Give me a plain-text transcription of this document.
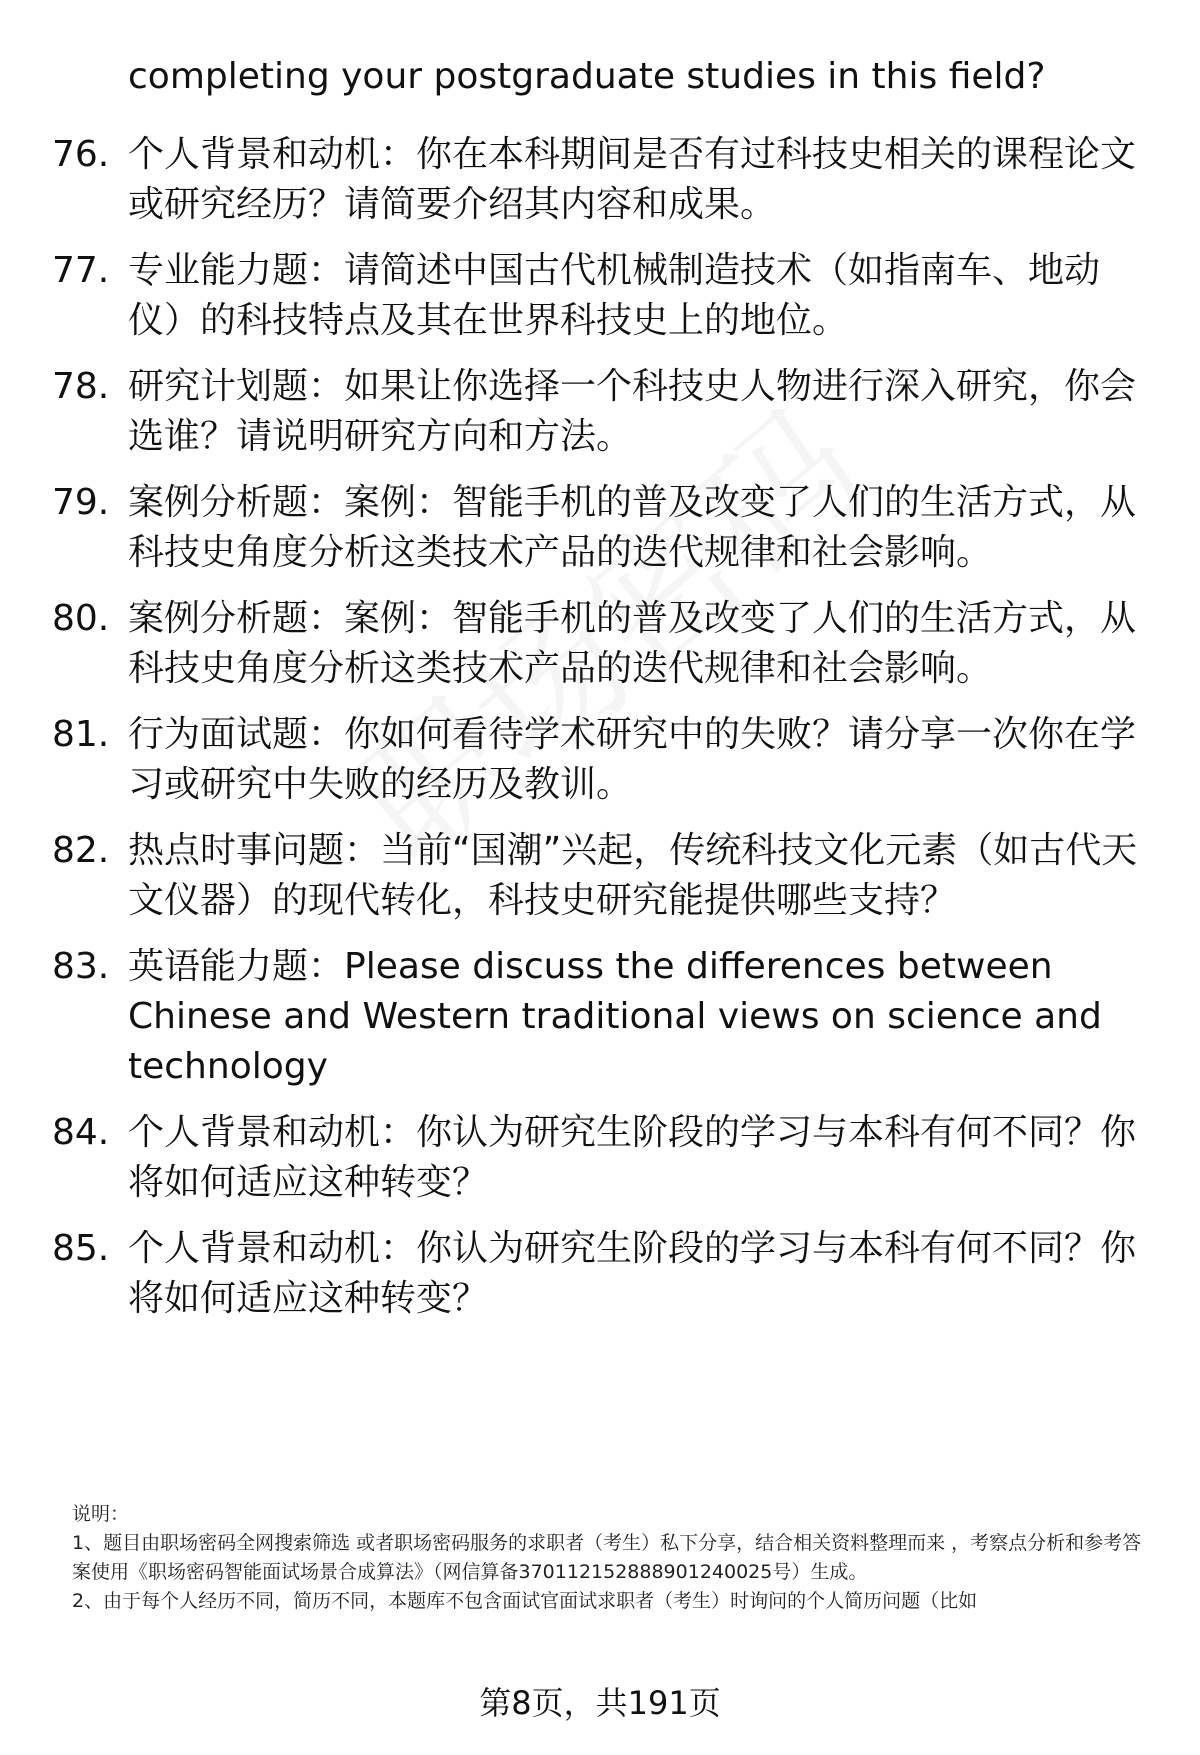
completing your postgraduate studies in this field?
76. 个人背景和动机：你在本科期间是否有过科技史相关的课程论文或研究经历？请简要介绍其内容和成果。
77. 专业能力题：请简述中国古代机械制造技术（如指南车、地动仪）的科技特点及其在世界科技史上的地位。
78. 研究计划题：如果让你选择一个科技史人物进行深入研究，你会选谁？请说明研究方向和方法。
79. 案例分析题：案例：智能手机的普及改变了人们的生活方式，从科技史角度分析这类技术产品的迭代规律和社会影响。
80. 案例分析题：案例：智能手机的普及改变了人们的生活方式，从科技史角度分析这类技术产品的迭代规律和社会影响。
81. 行为面试题：你如何看待学术研究中的失败？请分享一次你在学习或研究中失败的经历及教训。
82. 热点时事问题：当前“国潮”兴起，传统科技文化元素（如古代天文仪器）的现代转化，科技史研究能提供哪些支持？
83. 英语能力题：Please discuss the differences between Chinese and Western traditional views on science and technology
84. 个人背景和动机：你认为研究生阶段的学习与本科有何不同？你将如何适应这种转变？
85. 个人背景和动机：你认为研究生阶段的学习与本科有何不同？你将如何适应这种转变？
说明：
1、题目由职场密码全网搜索筛选 或者职场密码服务的求职者（考生）私下分享，结合相关资料整理而来 ，考察点分析和参考答案使用《职场密码智能面试场景合成算法》（网信算备370112152888901240025号）生成。
2、由于每个人经历不同，简历不同，本题库不包含面试官面试求职者（考生）时询问的个人简历问题（比如
第8页，共191页
